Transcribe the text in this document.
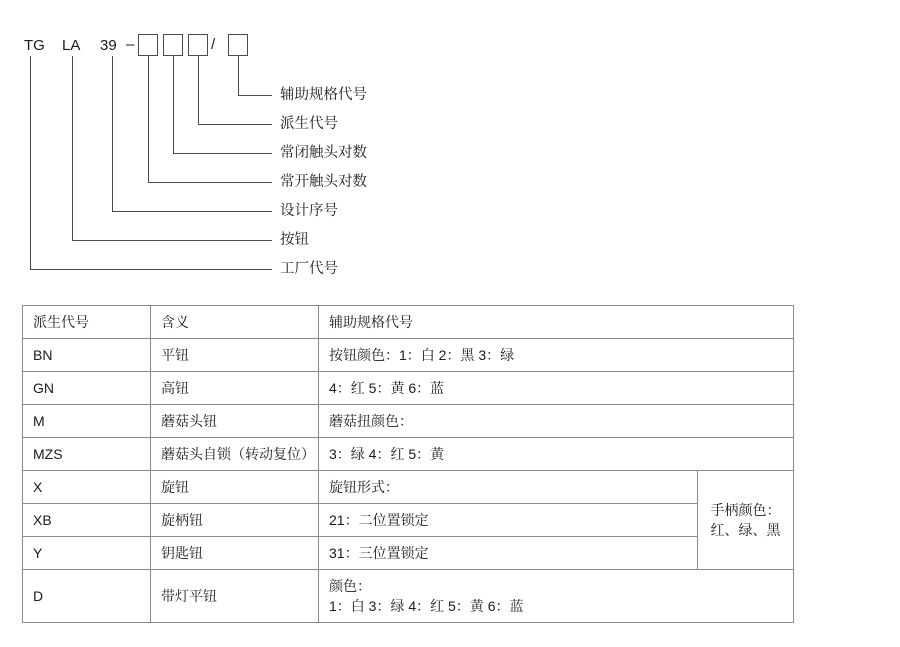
TG LA 39 –	/
辅助规格代号
派生代号
常闭触头对数
常开触头对数
设计序号
按钮
工厂代号
派生代号	含义	辅助规格代号	
BN	平钮	按钮颜色：1：白 2：黑 3：绿	
GN	高钮	4：红 5：黄 6：蓝	
M	蘑菇头钮	蘑菇扭颜色：	
MZS	蘑菇头自锁（转动复位）	3：绿 4：红 5：黄	
X	旋钮	旋钮形式：	手柄颜色：
红、绿、黑

XB	旋柄钮	21：二位置锁定	
Y	钥匙钮	31：三位置锁定	
D	带灯平钮	颜色：
1：白 3：绿 4：红 5：黄 6：蓝	
